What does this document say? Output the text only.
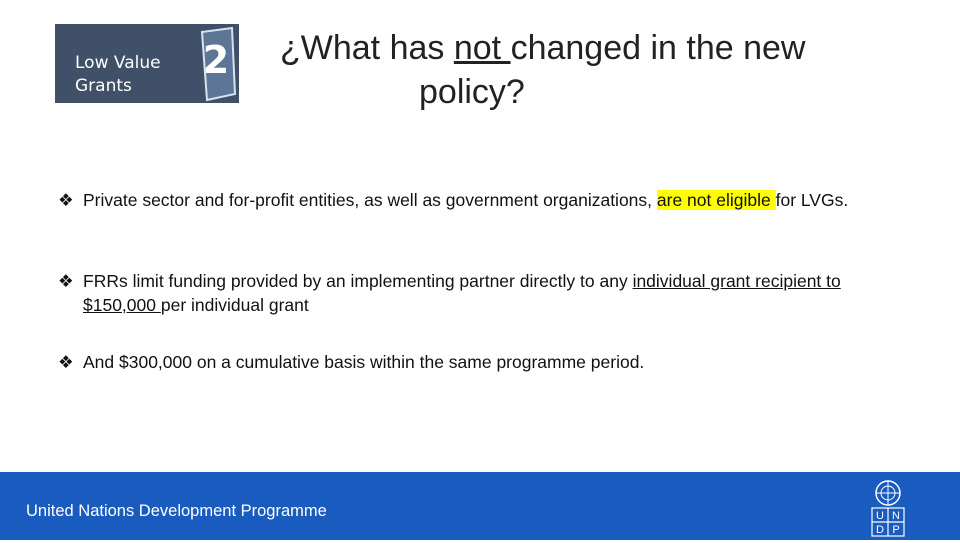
Low Value
Grants
2 ¿What has not changed in the new
policy?
❖ Private sector and for-profit entities, as well as government organizations, are not eligible for LVGs.
❖ FRRs limit funding provided by an implementing partner directly to any individual grant recipient to $150,000 per individual grant
❖ And $300,000 on a cumulative basis within the same programme period.
United Nations Development Programme	U N
D P
